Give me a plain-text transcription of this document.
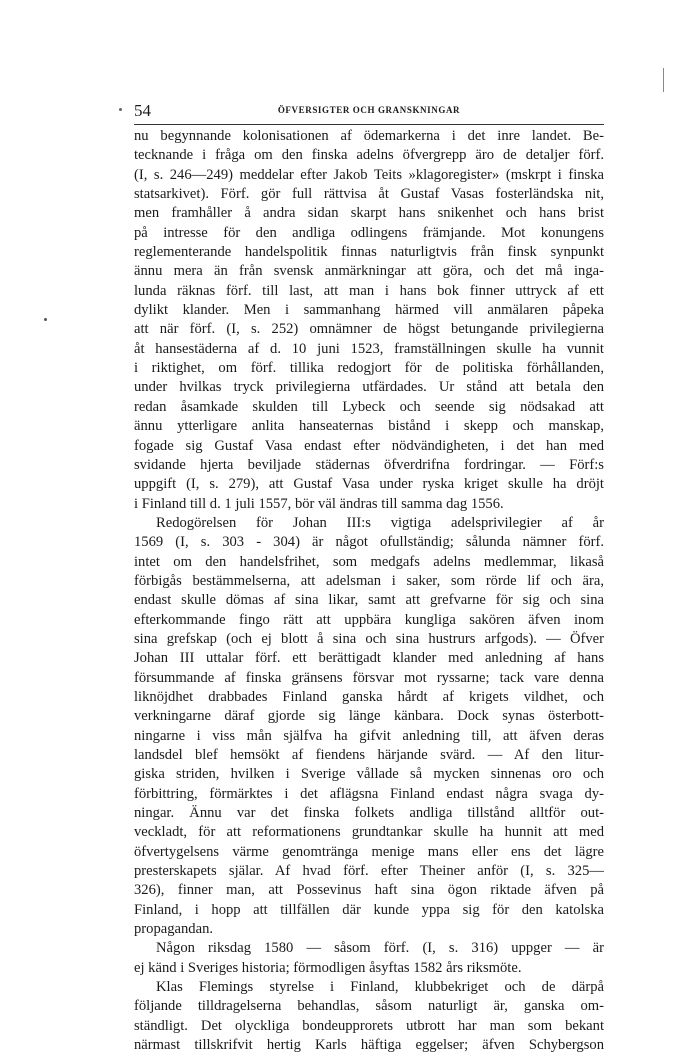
54	ÖFVERSIGTER OCH GRANSKNINGAR
nu begynnande kolonisationen af ödemarkerna i det inre landet. Be-
tecknande i fråga om den finska adelns öfvergrepp äro de detaljer förf.
(I, s. 246—249) meddelar efter Jakob Teits »klagoregister» (mskrpt i finska
statsarkivet). Förf. gör full rättvisa åt Gustaf Vasas fosterländska nit,
men framhåller å andra sidan skarpt hans snikenhet och hans brist
på intresse för den andliga odlingens främjande. Mot konungens
reglementerande handelspolitik finnas naturligtvis från finsk synpunkt
ännu mera än från svensk anmärkningar att göra, och det må inga-
lunda räknas förf. till last, att man i hans bok finner uttryck af ett
dylikt klander. Men i sammanhang härmed vill anmälaren påpeka
att när förf. (I, s. 252) omnämner de högst betungande privilegierna
åt hansestäderna af d. 10 juni 1523, framställningen skulle ha vunnit
i riktighet, om förf. tillika redogjort för de politiska förhållanden,
under hvilkas tryck privilegierna utfärdades. Ur stånd att betala den
redan åsamkade skulden till Lybeck och seende sig nödsakad att
ännu ytterligare anlita hanseaternas bistånd i skepp och manskap,
fogade sig Gustaf Vasa endast efter nödvändigheten, i det han med
svidande hjerta beviljade städernas öfverdrifna fordringar. — Förf:s
uppgift (I, s. 279), att Gustaf Vasa under ryska kriget skulle ha dröjt
i Finland till d. 1 juli 1557, bör väl ändras till samma dag 1556.
Redogörelsen för Johan III:s vigtiga adelsprivilegier af år
1569 (I, s. 303 - 304) är något ofullständig; sålunda nämner förf.
intet om den handelsfrihet, som medgafs adelns medlemmar, likaså
förbigås bestämmelserna, att adelsman i saker, som rörde lif och ära,
endast skulle dömas af sina likar, samt att grefvarne för sig och sina
efterkommande fingo rätt att uppbära kungliga sakören äfven inom
sina grefskap (och ej blott å sina och sina hustrurs arfgods). — Öfver
Johan III uttalar förf. ett berättigadt klander med anledning af hans
försummande af finska gränsens försvar mot ryssarne; tack vare denna
liknöjdhet drabbades Finland ganska hårdt af krigets vildhet, och
verkningarne däraf gjorde sig länge känbara. Dock synas österbott-
ningarne i viss mån själfva ha gifvit anledning till, att äfven deras
landsdel blef hemsökt af fiendens härjande svärd. — Af den litur-
giska striden, hvilken i Sverige vållade så mycken sinnenas oro och
förbittring, förmärktes i det aflägsna Finland endast några svaga dy-
ningar. Ännu var det finska folkets andliga tillstånd alltför out-
veckladt, för att reformationens grundtankar skulle ha hunnit att med
öfvertygelsens värme genomtränga menige mans eller ens det lägre
presterskapets själar. Af hvad förf. efter Theiner anför (I, s. 325—
326), finner man, att Possevinus haft sina ögon riktade äfven på
Finland, i hopp att tillfällen där kunde yppa sig för den katolska
propagandan.
Någon riksdag 1580 — såsom förf. (I, s. 316) uppger — är
ej känd i Sveriges historia; förmodligen åsyftas 1582 års riksmöte.
Klas Flemings styrelse i Finland, klubbekriget och de därpå
följande tilldragelserna behandlas, såsom naturligt är, ganska om-
ständligt. Det olyckliga bondeupprorets utbrott har man som bekant
närmast tillskrifvit hertig Karls häftiga eggelser; äfven Schybergson
